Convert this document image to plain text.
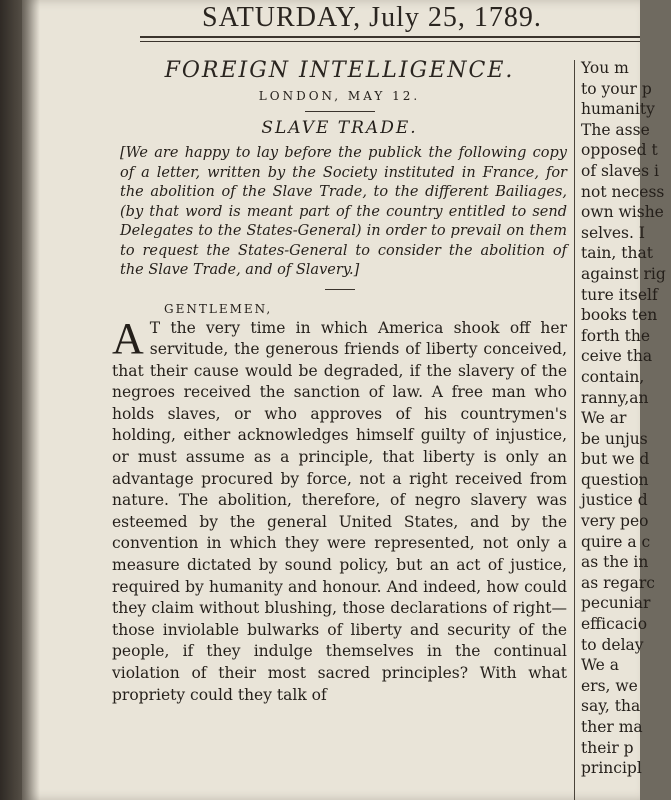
SATURDAY, July 25, 1789.
FOREIGN INTELLIGENCE.
LONDON, MAY 12.
SLAVE TRADE.
[We are happy to lay before the publick the following copy of a letter, written by the Society instituted in France, for the abolition of the Slave Trade, to the different Bailiages, (by that word is meant part of the country entitled to send Delegates to the States-General) in order to prevail on them to request the States-General to consider the abolition of the Slave Trade, and of Slavery.]
GENTLEMEN,
A T the very time in which America shook off her servitude, the generous friends of liberty conceived, that their cause would be degraded, if the slavery of the negroes received the sanction of law. A free man who holds slaves, or who approves of his countrymen's holding, either acknowledges himself guilty of injustice, or must assume as a principle, that liberty is only an advantage procured by force, not a right received from nature. The abolition, therefore, of negro slavery was esteemed by the general United States, and by the convention in which they were represented, not only a measure dictated by sound policy, but an act of justice, required by humanity and honour. And indeed, how could they claim without blushing, those declarations of right— those inviolable bulwarks of liberty and security of the people, if they indulge themselves in the continual violation of their most sacred principles? With what propriety could they talk of
You m
to your p
humanity
The asse
opposed t
of slaves i
not necess
own wishe
selves. I
tain, that
against rig
ture itself
books ten
forth the
ceive tha
contain,
ranny,an
We ar
be unjus
but we d
question
justice d
very peo
quire a c
as the in
as regarc
pecuniar
efficacio
to delay
We a
ers, we
say, tha
ther ma
their p
principl
